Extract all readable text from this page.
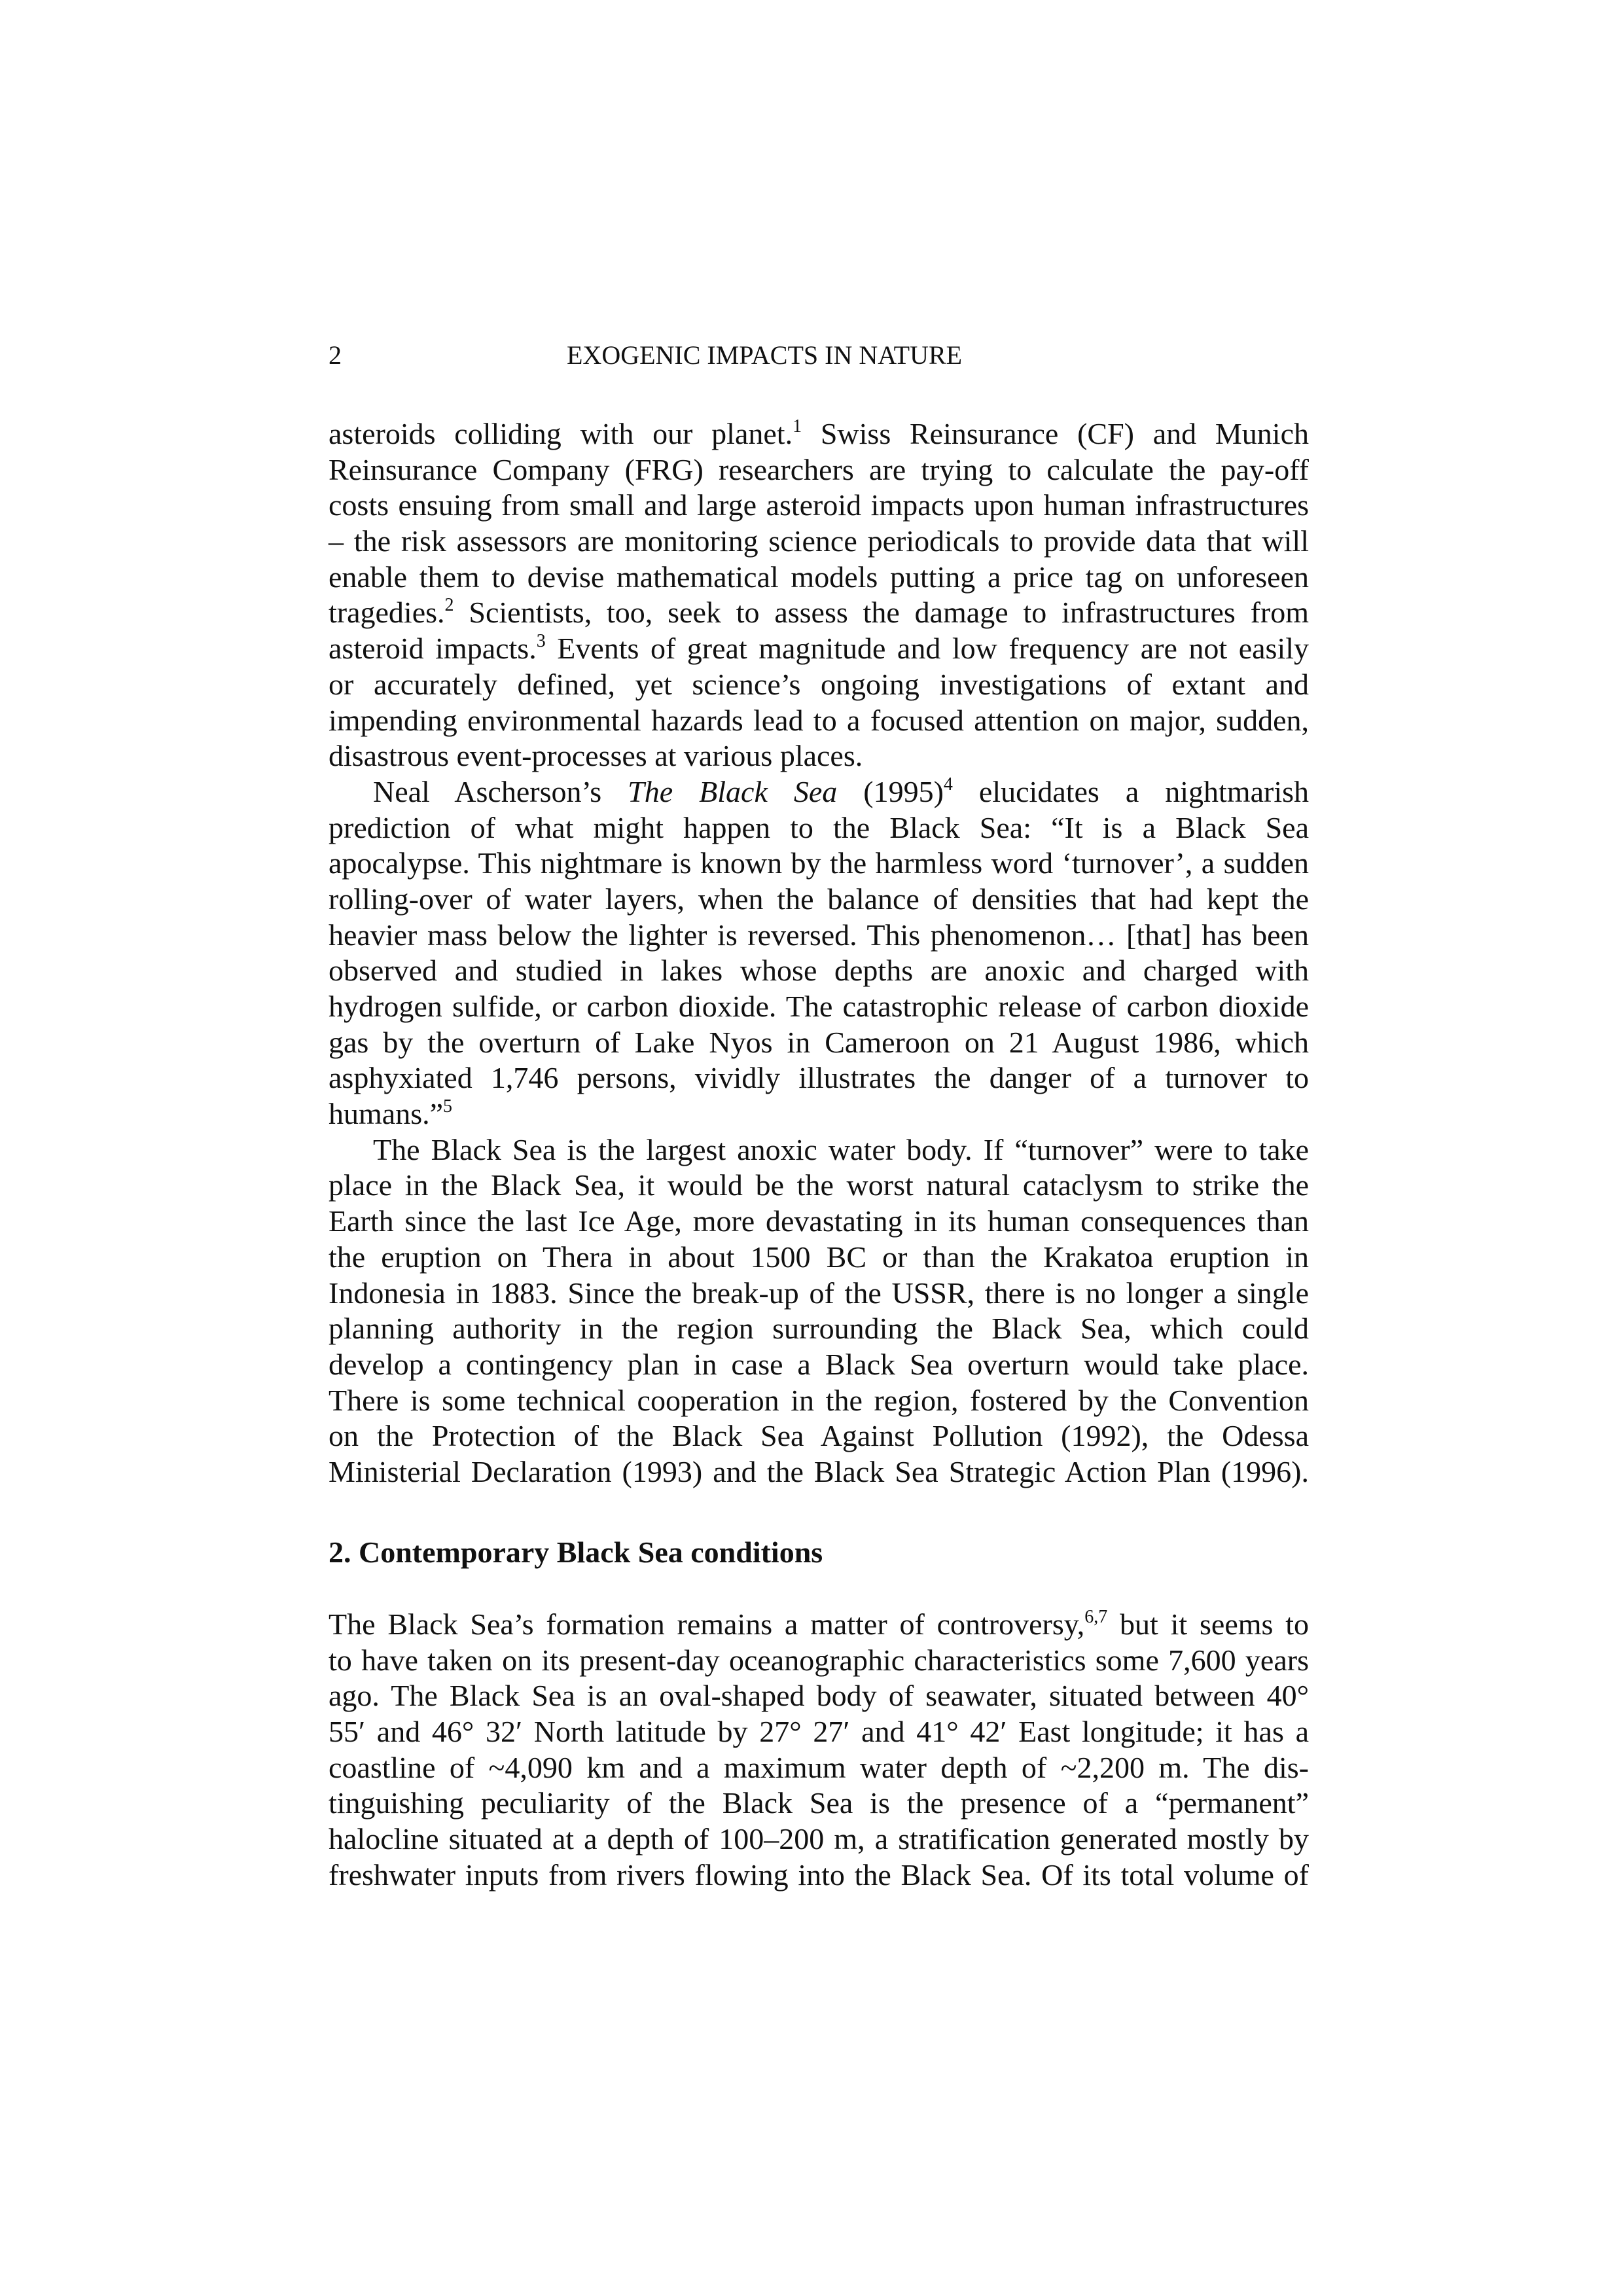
2	EXOGENIC IMPACTS IN NATURE
asteroids colliding with our planet.$^1$ Swiss Reinsurance (CF) and Munich
Reinsurance Company (FRG) researchers are trying to calculate the pay-off
costs ensuing from small and large asteroid impacts upon human infrastructures
– the risk assessors are monitoring science periodicals to provide data that will
enable them to devise mathematical models putting a price tag on unforeseen
tragedies.$^2$ Scientists, too, seek to assess the damage to infrastructures from
asteroid impacts.$^3$ Events of great magnitude and low frequency are not easily
or accurately defined, yet science’s ongoing investigations of extant and
impending environmental hazards lead to a focused attention on major, sudden,
disastrous event-processes at various places.
Neal Ascherson’s The Black Sea $(1995)^4$ elucidates a nightmarish
prediction of what might happen to the Black Sea: “It is a Black Sea
apocalypse. This nightmare is known by the harmless word ‘turnover’, a sudden
rolling-over of water layers, when the balance of densities that had kept the
heavier mass below the lighter is reversed. This phenomenon… [that] has been
observed and studied in lakes whose depths are anoxic and charged with
hydrogen sulfide, or carbon dioxide. The catastrophic release of carbon dioxide
gas by the overturn of Lake Nyos in Cameroon on 21 August 1986, which
asphyxiated 1,746 persons, vividly illustrates the danger of a turnover to
humans.”$^5$
The Black Sea is the largest anoxic water body. If “turnover” were to take
place in the Black Sea, it would be the worst natural cataclysm to strike the
Earth since the last Ice Age, more devastating in its human consequences than
the eruption on Thera in about 1500 BC or than the Krakatoa eruption in
Indonesia in 1883. Since the break-up of the USSR, there is no longer a single
planning authority in the region surrounding the Black Sea, which could
develop a contingency plan in case a Black Sea overturn would take place.
There is some technical cooperation in the region, fostered by the Convention
on the Protection of the Black Sea Against Pollution (1992), the Odessa
Ministerial Declaration (1993) and the Black Sea Strategic Action Plan (1996).
2. Contemporary Black Sea conditions
The Black Sea’s formation remains a matter of controversy,$^{6,7}$ but it seems to
to have taken on its present-day oceanographic characteristics some 7,600 years
ago. The Black Sea is an oval-shaped body of seawater, situated between 40°
55′ and 46° 32′ North latitude by 27° 27′ and 41° 42′ East longitude; it has a
coastline of ~4,090 km and a maximum water depth of ~2,200 m. The dis-
tinguishing peculiarity of the Black Sea is the presence of a “permanent”
halocline situated at a depth of 100–200 m, a stratification generated mostly by
freshwater inputs from rivers flowing into the Black Sea. Of its total volume of
